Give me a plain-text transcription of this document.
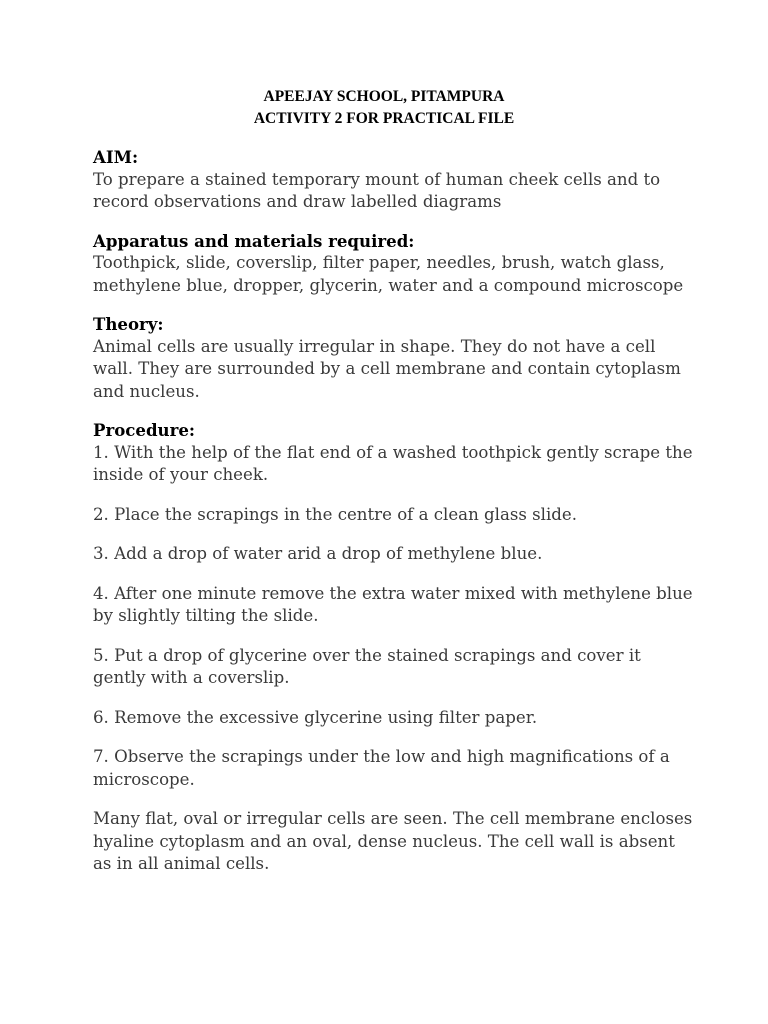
APEEJAY SCHOOL, PITAMPURA
ACTIVITY 2 FOR PRACTICAL FILE
AIM:

To prepare a stained temporary mount of human cheek cells and to record observations and draw labelled diagrams

Apparatus and materials required:

Toothpick, slide, coverslip, filter paper, needles, brush, watch glass, methylene blue, dropper, glycerin, water and a compound microscope

Theory:

Animal cells are usually irregular in shape. They do not have a cell wall. They are surrounded by a cell membrane and contain cytoplasm and nucleus.

Procedure:

1. With the help of the flat end of a washed toothpick gently scrape the inside of your cheek.

2. Place the scrapings in the centre of a clean glass slide.

3. Add a drop of water arid a drop of methylene blue.

4. After one minute remove the extra water mixed with methylene blue by slightly tilting the slide.

5. Put a drop of glycerine over the stained scrapings and cover it gently with a coverslip.

6. Remove the excessive glycerine using filter paper.

7. Observe the scrapings under the low and high magnifications of a microscope.

Many flat, oval or irregular cells are seen. The cell membrane encloses hyaline cytoplasm and an oval, dense nucleus. The cell wall is absent as in all animal cells.
